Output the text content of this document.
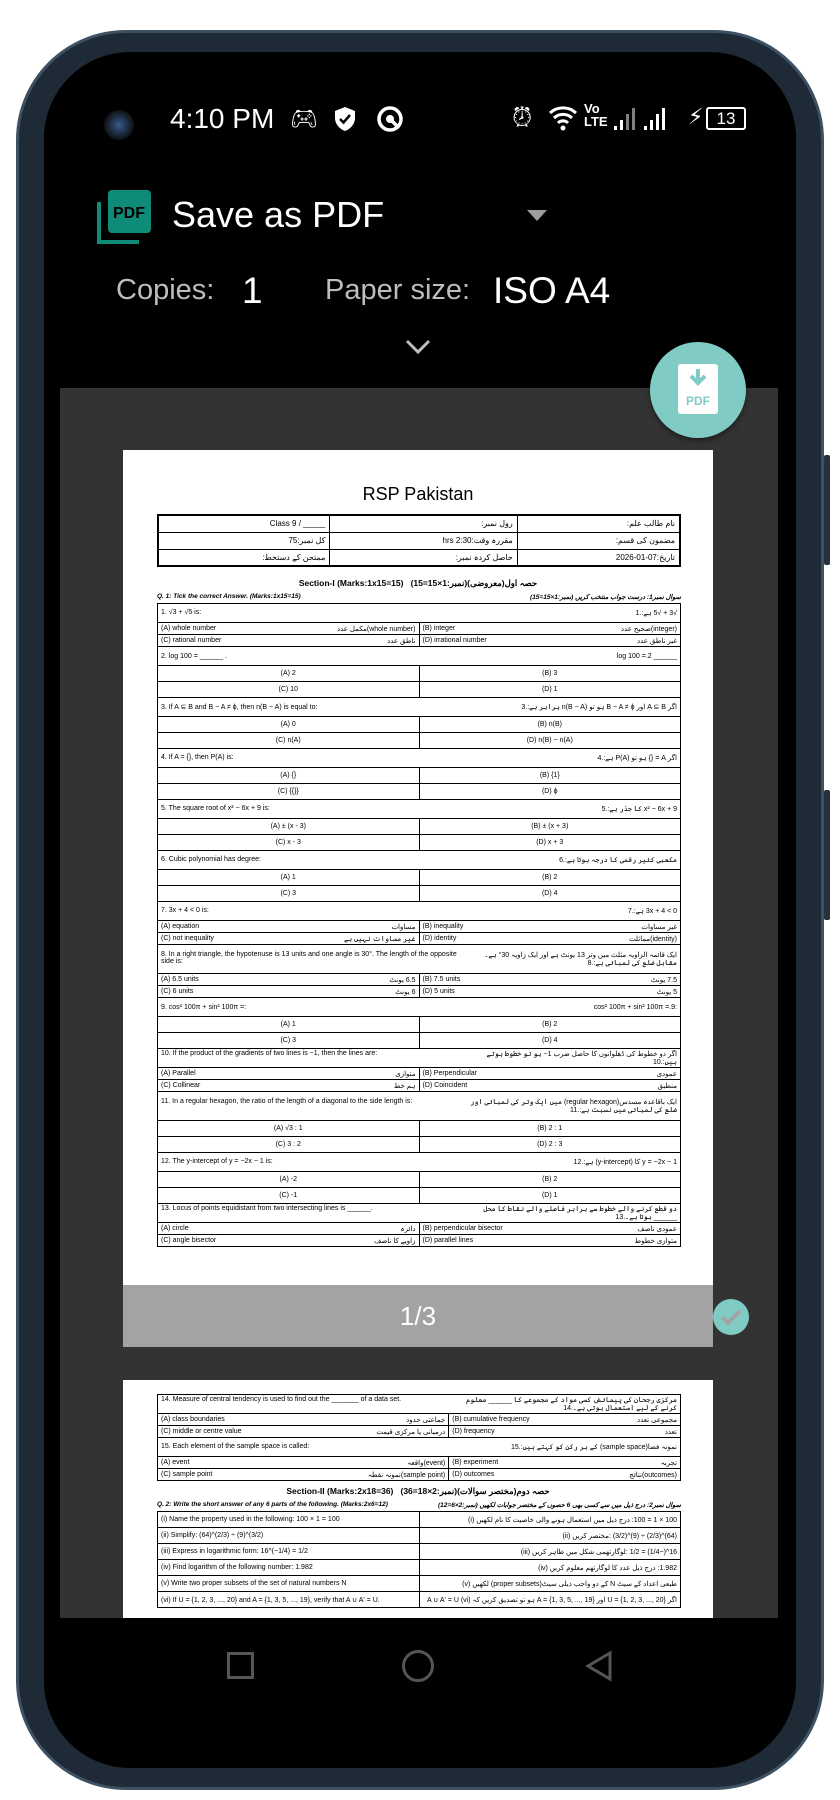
4:10 PM 🎮︎	⏰︎	Vo LTE	⚡︎ 13
PDF Save as PDF
Copies: 1 Paper size: ISO A4
RSP Pakistan
_____ / Class 9	رول نمبر:	نام طالب علم:
کل نمبر:75	مقررہ وقت:2:30 hrs	مضمون کی قسم:
ممتحن کے دستخط:	حاصل کردہ نمبر:	تاریخ:07-01-2026
Section-I (Marks:1x15=15) (15=15×1:حصہ اول(معروضی)(نمبر
Q. 1: Tick the correct Answer. (Marks:1x15=15)	سوال نمبر1: درست جواب منتخب کریں (نمبر:1×15=15)
1. √3 + √5 is: √3 + √5 ہے:.1	

(A) whole number (whole number)مکمل عدد	(B) integer (integer)صحیح عدد

(C) rational number ناطق عدد	(D) irrational number غیر ناطق عدد

2. log 100 = ______ . ______ log 100 =.2	

(A) 2	(B) 3
(C) 10	(D) 1

3. If A ⊆ B and B − A ≠ ϕ, then n(B − A) is equal to: اگر A ⊆ B اور B − A ≠ ϕ ہو تو n(B − A) برابر ہے:.3	

(A) 0	(B) n(B)
(C) n(A)	(D) n(B) − n(A)

4. If A = {}, then P(A) is: اگر A = {} ہو تو P(A) ہے:.4	

(A) {}	(B) {1}
(C) {{}}	(D) ϕ

5. The square root of x² − 6x + 9 is: x² − 6x + 9 کا جذر ہے:.5	

(A) ± (x - 3)	(B) ± (x + 3)
(C) x - 3	(D) x + 3

6. Cubic polynomial has degree: مکعبی کثیر رقمی کا درجہ ہوتا ہے:.6	

(A) 1	(B) 2
(C) 3	(D) 4

7. 3x + 4 < 0 is: 3x + 4 < 0 ہے:.7	

(A) equation مساوات	(B) inequality غیر مساوات

(C) not inequality غیر مساوات نہیں ہے	(D) identity (identity)مماثلت

8. In a right triangle, the hypotenuse is 13 units and one angle is 30°. The length of the opposite side is:
ایک قائمہ الزاویہ مثلث میں وتر 13 یونٹ ہے اور ایک زاویہ 30° ہے۔ مقابل ضلع کی لمبائی ہے:.8	

(A) 6.5 units 6.5 یونٹ	(B) 7.5 units 7.5 یونٹ

(C) 6 units 6 یونٹ	(D) 5 units 5 یونٹ

9. cos² 100π + sin² 100π =: :cos² 100π + sin² 100π =.9	

(A) 1	(B) 2
(C) 3	(D) 4

10. If the product of the gradients of two lines is −1, then the lines are: اگر دو خطوط کی ڈھلوانوں کا حاصل ضرب 1− ہو تو خطوط ہوتے ہیں:.10	

(A) Parallel متوازی	(B) Perpendicular عمودی

(C) Collinear ہم خط	(D) Coincident منطبق

11. In a regular hexagon, the ratio of the length of a diagonal to the side length is: ایک باقاعدہ مسدس(regular hexagon) میں ایک وتر کی لمبائی اور ضلع کی لمبائی میں نسبت ہے:.11	

(A) √3 : 1	(B) 2 : 1
(C) 3 : 2	(D) 2 : 3

12. The y-intercept of y = −2x − 1 is: y = −2x − 1 کا (y-intercept) ہے:.12	

(A) -2	(B) 2
(C) -1	(D) 1

13. Locus of points equidistant from two intersecting lines is ______. دو قطع کرنے والے خطوط سے برابر فاصلے والے نقاط کا محل ______ ہوتا ہے۔.13	

(A) circle دائرہ	(B) perpendicular bisector عمودی ناصف

(C) angle bisector زاویے کا ناصف	(D) parallel lines متوازی خطوط
1/3
14. Measure of central tendency is used to find out the _______ of a data set. مرکزی رجحان کی پیمائش کسی مواد کے مجموعے کا ______ معلوم کرنے کے لیے استعمال ہوتی ہے۔.14	

(A) class boundaries جماعتی حدود	(B) cumulative frequency مجموعی تعدد

(C) middle or centre value درمیانی یا مرکزی قیمت	(D) frequency تعدد

15. Each element of the sample space is called: نمونہ فضا(sample space) کے ہر رکن کو کہتے ہیں:.15	

(A) event (event)واقعہ	(B) experiment تجربہ

(C) sample point (sample point)نمونہ نقطہ	(D) outcomes (outcomes)نتائج
Section-II (Marks:2x18=36) (36=18×2:حصہ دوم(مختصر سوالات)(نمبر
Q. 2: Write the short answer of any 6 parts of the following. (Marks:2x6=12)	سوال نمبر2: درج ذیل میں سے کسی بھی 6 حصوں کے مختصر جوابات لکھیں (نمبر:2×6=12)
(i) Name the property used in the following: 100 × 1 = 100	100 × 1 = 100: درج ذیل میں استعمال ہونے والی خاصیت کا نام لکھیں (i)
(ii) Simplify: (64)^(2/3) ÷ (9)^(3/2)	(64)^(2/3) ÷ (9)^(3/2) :مختصر کریں (ii)
(iii) Express in logarithmic form: 16^(−1/4) = 1/2	16^(−1/4) = 1/2 :لوگارتھمی شکل میں ظاہر کریں (iii)
(iv) Find logarithm of the following number: 1.982	1.982: درج ذیل عدد کا لوگارتھم معلوم کریں (iv)
(v) Write two proper subsets of the set of natural numbers N	طبعی اعداد کے سیٹ N کے دو واجب ذیلی سیٹ(proper subsets) لکھیں (v)
(vi) If U = {1, 2, 3, ..., 20} and A = {1, 3, 5, ..., 19}, verify that A ∪ A' = U.	اگر U = {1, 2, 3, ..., 20} اور A = {1, 3, 5, ..., 19} ہو تو تصدیق کریں کہ A ∪ A' = U (vi)
PDF
